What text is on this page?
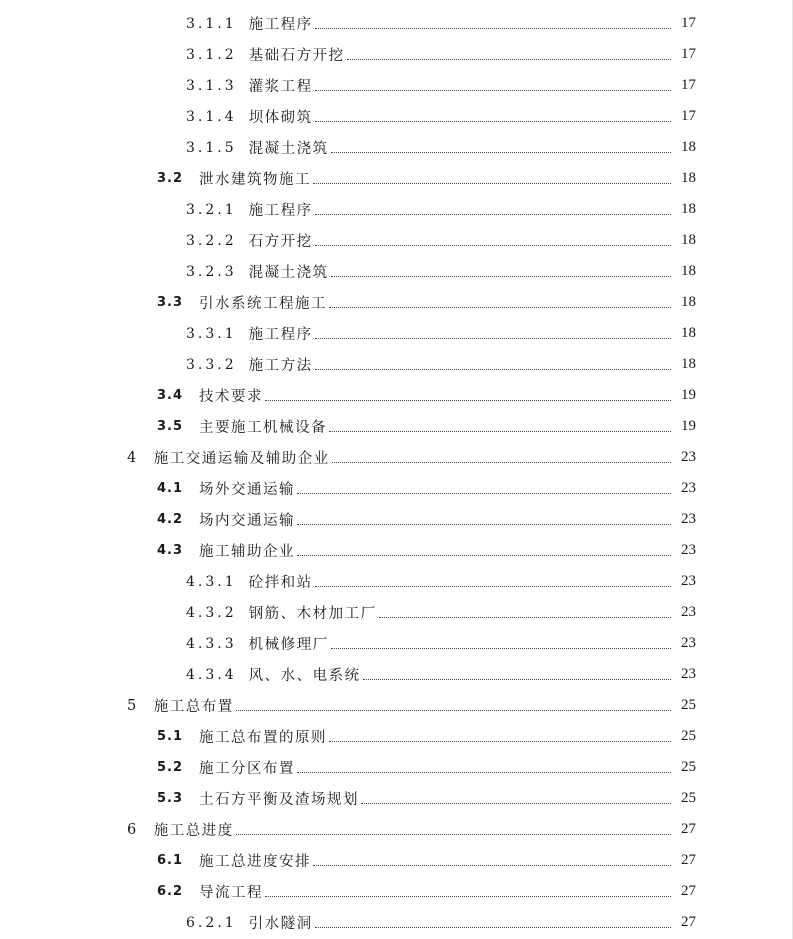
3.1.1 施工程序	17
3.1.2 基础石方开挖	17
3.1.3 灌浆工程	17
3.1.4 坝体砌筑	17
3.1.5 混凝土浇筑	18
3.2 泄水建筑物施工	18
3.2.1 施工程序	18
3.2.2 石方开挖	18
3.2.3 混凝土浇筑	18
3.3 引水系统工程施工	18
3.3.1 施工程序	18
3.3.2 施工方法	18
3.4 技术要求	19
3.5 主要施工机械设备	19
4 施工交通运输及辅助企业	23
4.1 场外交通运输	23
4.2 场内交通运输	23
4.3 施工辅助企业	23
4.3.1 砼拌和站	23
4.3.2 钢筋、木材加工厂	23
4.3.3 机械修理厂	23
4.3.4 风、水、电系统	23
5 施工总布置	25
5.1 施工总布置的原则	25
5.2 施工分区布置	25
5.3 土石方平衡及渣场规划	25
6 施工总进度	27
6.1 施工总进度安排	27
6.2 导流工程	27
6.2.1 引水隧洞	27
